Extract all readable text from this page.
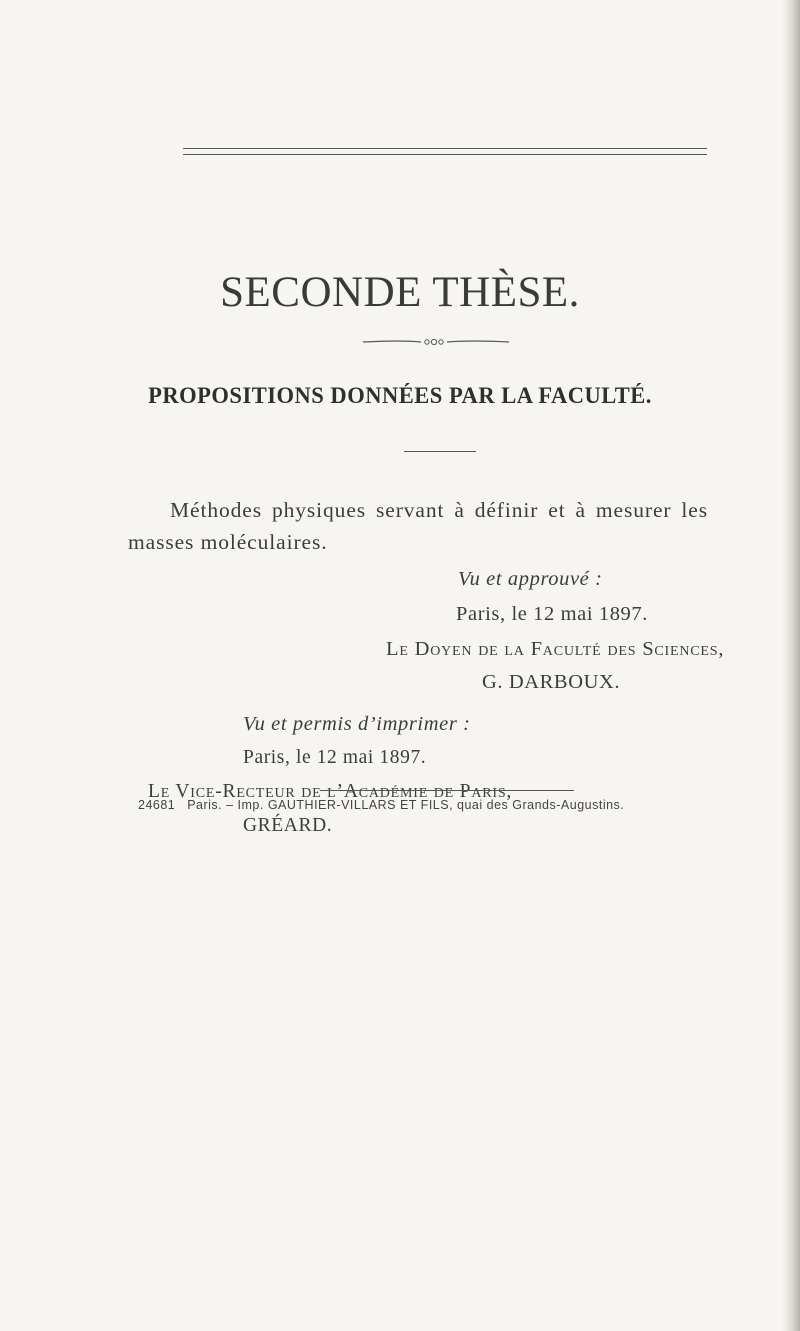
SECONDE THÈSE.
PROPOSITIONS DONNÉES PAR LA FACULTÉ.
Méthodes physiques servant à définir et à mesurer les masses moléculaires.
Vu et approuvé :
Paris, le 12 mai 1897.
Le Doyen de la Faculté des Sciences,
G. DARBOUX.
Vu et permis d’imprimer :
Paris, le 12 mai 1897.
Le Vice-Recteur de l’Académie de Paris,
GRÉARD.
24681 Paris. – Imp. GAUTHIER-VILLARS ET FILS, quai des Grands-Augustins.
